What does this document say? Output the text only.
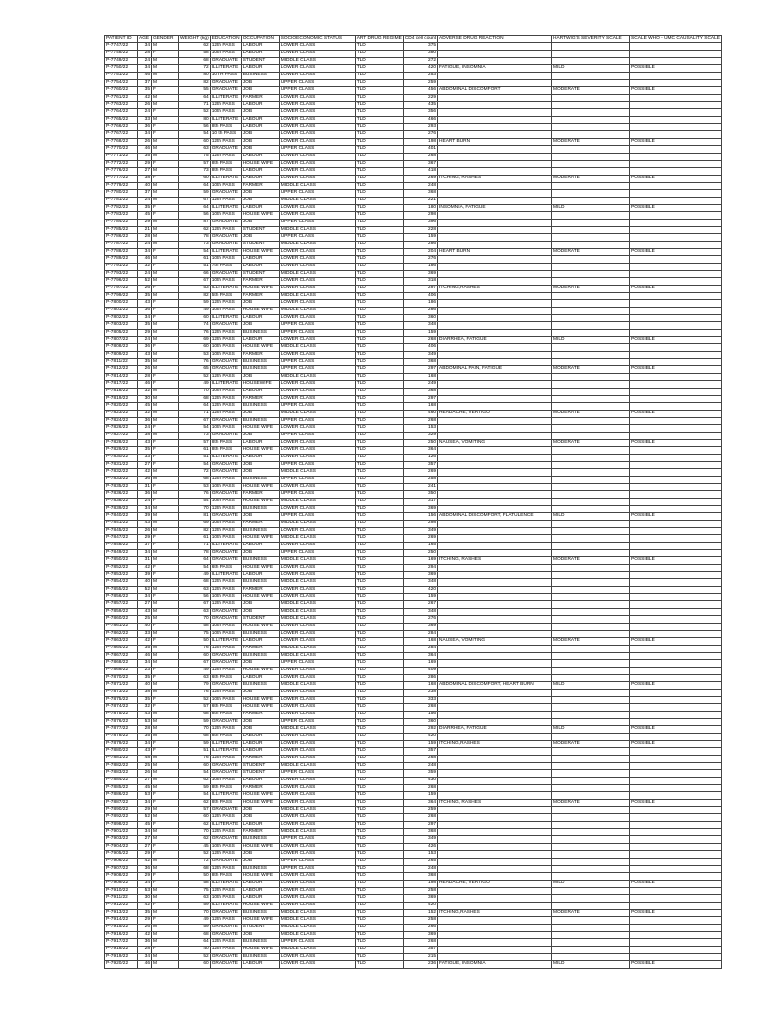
PATIENT ID	AGE	GENDER	WEIGHT (kg)	EDUCATION	OCCUPATION	SOCIOECONOMIC STATUS	ART DRUG REGIME	CD4 cell count	ADVERSE DRUG REACTION	HARTWIG'S SEVERITY SCALE	SCALE WHO - UMC CAUSALITY SCALE
P-7747/22	34	M	62	12th PASS	LABOUR	LOWER CLASS	TLD	375			
P-7748/22	28	F	58	10th PASS	LABOUR	LOWER CLASS	TLD	380			
P-7749/22	24	M	68	GRADUATE	STUDENT	MIDDLE CLASS	TLD	272			
P-7750/22	34	M	72	ILLITERATE	LABOUR	LOWER CLASS	TLD	420	FATIGUE, INSOMNIA	MILD	POSSIBLE
P-7751/22	46	M	80	10TH PASS	BUSINESS	LOWER CLASS	TLD	253			
P-7754/22	37	M	82	GRADUATE	JOB	UPPER CLASS	TLD	259			
P-7760/22	35	F	55	GRADUATE	JOB	UPPER CLASS	TLD	456	ABDOMINAL DISCOMFORT	MODERATE	POSSIBLE
P-7761/22	42	M	64	ILLITERATE	FARMER	LOWER CLASS	TLD	229			
P-7763/22	26	M	71	12th PASS	LABOUR	LOWER CLASS	TLD	435			
P-7764/22	24	F	52	10th PASS	JOB	LOWER CLASS	TLD	356			
P-7765/22	33	M	80	ILLITERATE	LABOUR	LOWER CLASS	TLD	466			
P-7766/22	36	F	56	8th PASS	LABOUR	LOWER CLASS	TLD	293			
P-7767/22	34	F	54	10 th PASS	JOB	LOWER CLASS	TLD	276			
P-7768/22	26	M	60	12th PASS	JOB	LOWER CLASS	TLD	198	HEART BURN	MODERATE	POSSIBLE
P-7770/22	46	M	63	GRADUATE	JOB	UPPER CLASS	TLD	401			
P-7771/22	35	M	75	12th PASS	LABOUR	LOWER CLASS	TLD	268			
P-7772/22	29	F	57	8th PASS	HOUSE WIFE	LOWER CLASS	TLD	367			
P-7776/22	27	M	73	8th PASS	LABOUR	LOWER CLASS	TLD	418			
P-7777/22	38	F	60	ILLITERATE	LABOUR	LOWER CLASS	TLD	269	ITCHING, RASHES	MODERATE	POSSIBLE
P-7779/22	40	M	64	10th PASS	FARMER	MIDDLE CLASS	TLD	248			
P-7780/22	37	M	59	GRADUATE	JOB	UPPER CLASS	TLD	368			
P-7781/22	24	M	67	12th PASS	JOB	MIDDLE CLASS	TLD	221			
P-7782/22	35	F	64	ILLITERATE	LABOUR	LOWER CLASS	TLD	180	INSOMNIA, FATIGUE	MILD	POSSIBLE
P-7783/22	45	F	56	10th PASS	HOUSE WIFE	LOWER CLASS	TLD	298			
P-7784/22	29	M	87	GRADUATE	JOB	UPPER CLASS	TLD	396			
P-7785/22	21	M	62	12th PASS	STUDENT	MIDDLE CLASS	TLD	228			
P-7786/22	28	M	78	GRADUATE	JOB	UPPER CLASS	TLD	159			
P-7787/22	24	M	73	GRADUATE	STUDENT	MIDDLE CLASS	TLD	286			
P-7788/22	34	F	54	ILLITERATE	HOUSE WIFE	LOWER CLASS	TLD	204	HEART BURN	MODERATE	POSSIBLE
P-7789/22	46	M	61	10th PASS	LABOUR	LOWER CLASS	TLD	276			
P-7791/22	32	F	51	7th PASS	LABOUR	LOWER CLASS	TLD	186			
P-7793/22	24	M	66	GRADUATE	STUDENT	MIDDLE CLASS	TLD	369			
P-7796/22	52	M	67	10th PASS	FARMER	LOWER CLASS	TLD	318			
P-7797/22	26	F	53	ILLITERATE	HOUSE WIFE	LOWER CLASS	TLD	297	ITCHING,RASHES	MODERATE	POSSIBLE
P-7799/22	35	M	82	5th PASS	FARMER	MIDDLE CLASS	TLD	406			
P-7800/22	43	F	59	12th PASS	JOB	LOWER CLASS	TLD	186			
P-7801/22	36	F	49	10th PASS	HOUSE WIFE	MIDDLE CLASS	TLD	286			
P-7802/22	34	F	60	ILLITERATE	LABOUR	LOWER CLASS	TLD	360			
P-7803/22	35	M	74	GRADUATE	JOB	UPPER CLASS	TLD	348			
P-7805/22	29	M	76	12th PASS	BUSINESS	UPPER CLASS	TLD	159			
P-7807/22	24	M	69	12th PASS	LABOUR	LOWER CLASS	TLD	268	DIARRHEA, FATIGUE	MILD	POSSIBLE
P-7808/22	36	F	60	10th PASS	HOUSE WIFE	MIDDLE CLASS	TLD	406			
P-7809/22	43	M	53	10th PASS	FARMER	LOWER CLASS	TLD	349			
P-7811/22	35	M	76	GRADUATE	BUSINESS	UPPER CLASS	TLD	368			
P-7812/22	26	M	65	GRADUATE	BUSINESS	UPPER CLASS	TLD	297	ABDOMINAL PAIN, FATIGUE	MODERATE	POSSIBLE
P-7814/22	28	F	52	12th PASS	JOB	MIDDLE CLASS	TLD	168			
P-7817/22	46	F	49	ILLITERATE	HOUSEWIFE	LOWER CLASS	TLD	249			
P-7818/22	32	M	70	10th PASS	LABOUR	LOWER CLASS	TLD	368			
P-7819/22	30	M	68	12th PASS	FARMER	LOWER CLASS	TLD	297			
P-7820/22	45	M	64	12th PASS	BUSINESS	UPPER CLASS	TLD	168			
P-7823/22	32	M	71	12th PASS	JOB	MIDDLE CLASS	TLD	460	HEADACHE, VERTIGO	MODERATE	POSSIBLE
P-7824/22	36	M	67	GRADUATE	BUSINESS	UPPER CLASS	TLD	268			
P-7826/22	24	F	54	10th PASS	HOUSE WIFE	LOWER CLASS	TLD	153			
P-7827/22	38	M	73	GRADUATE	JOB	UPPER CLASS	TLD	329			
P-7828/22	43	F	57	8th PASS	LABOUR	LOWER CLASS	TLD	250	NAUSEA, VOMITING	MODERATE	POSSIBLE
P-7829/22	35	F	61	8th PASS	HOUSE WIFE	LOWER CLASS	TLD	364			
P-7830/22	33	F	51	ILLITERATE	LABOUR	LOWER CLASS	TLD	126			
P-7831/22	27	F	54	GRADUATE	JOB	UPPER CLASS	TLD	357			
P-7832/22	42	M	72	GRADUATE	JOB	MIDDLE CLASS	TLD	269			
P-7833/22	36	M	68	12th PASS	BUSINESS	UPPER CLASS	TLD	258			
P-7835/22	31	F	53	10th PASS	HOUSE WIFE	LOWER CLASS	TLD	241			
P-7836/22	36	M	76	GRADUATE	FARMER	UPPER CLASS	TLD	350			
P-7838/22	24	F	54	10th PASS	HOUSE WIFE	MIDDLE CLASS	TLD	317			
P-7839/22	34	M	70	12th PASS	BUSINESS	LOWER CLASS	TLD	369			
P-7840/22	39	M	81	GRADUATE	JOB	UPPER CLASS	TLD	156	ABDOMINAL DISCOMFORT, FLATULENCE	MILD	POSSIBLE
P-7841/22	43	M	69	10th PASS	FARMER	MIDDLE CLASS	TLD	298			
P-7845/22	26	M	82	12th PASS	BUSINESS	LOWER CLASS	TLD	349			
P-7847/22	29	F	61	10th PASS	HOUSE WIFE	MIDDLE CLASS	TLD	269			
P-7848/22	37	F	71	ILLITERATE	LABOUR	LOWER CLASS	TLD	165			
P-7849/22	34	M	78	GRADUATE	JOB	UPPER CLASS	TLD	250			
P-7850/22	31	M	64	GRADUATE	BUSINESS	MIDDLE CLASS	TLD	169	ITCHING, RASHES	MODERATE	POSSIBLE
P-7852/22	42	F	54	6th PASS	HOUSE WIFE	LOWER CLASS	TLD	294			
P-7853/22	39	F	49	ILLITERATE	LABOUR	LOWER CLASS	TLD	369			
P-7854/22	40	M	68	12th PASS	BUSINESS	MIDDLE CLASS	TLD	348			
P-7855/22	52	M	63	12th PASS	FARMER	LOWER CLASS	TLD	420			
P-7856/22	34	F	56	10th PASS	HOUSE WIFE	LOWER CLASS	TLD	159			
P-7857/22	27	M	67	12th PASS	JOB	MIDDLE CLASS	TLD	267			
P-7859/22	43	M	63	GRADUATE	JOB	MIDDLE CLASS	TLD	348			
P-7860/22	25	M	70	GRADUATE	STUDENT	MIDDLE CLASS	TLD	276			
P-7861/22	40	F	58	10th PASS	HOUSE WIFE	LOWER CLASS	TLD	369			
P-7862/22	33	M	75	10th PASS	BUSINESS	LOWER CLASS	TLD	284			
P-7863/22	42	F	50	ILLITERATE	LABOUR	LOWER CLASS	TLD	168	NAUSEA, VOMITING	MODERATE	POSSIBLE
P-7864/22	35	M	76	12th PASS	FARMER	MIDDLE CLASS	TLD	284			
P-7867/22	46	M	60	GRADUATE	BUSINESS	MIDDLE CLASS	TLD	364			
P-7868/22	34	M	67	GRADUATE	JOB	UPPER CLASS	TLD	169			
P-7869/22	23	F	49	12th PASS	HOUSE WIFE	LOWER CLASS	TLD	409			
P-7870/22	35	F	63	6th PASS	LABOUR	LOWER CLASS	TLD	286			
P-7871/22	40	M	79	GRADUATE	BUSINESS	MIDDLE CLASS	TLD	168	ABDOMINAL DISCOMFORT, HEART BURN	MILD	POSSIBLE
P-7873/22	38	M	76	12th PASS	JOB	LOWER CLASS	TLD	238			
P-7875/22	35	F	52	10th PASS	HOUSE WIFE	LOWER CLASS	TLD	333			
P-7874/22	32	F	57	6th PASS	HOUSE WIFE	LOWER CLASS	TLD	268			
P-7875/22	43	M	68	8th PASS	FARMER	LOWER CLASS	TLD	156			
P-7876/22	53	M	59	GRADUATE	JOB	UPPER CLASS	TLD	360			
P-7877/22	28	M	70	12th PASS	JOB	MIDDLE CLASS	TLD	292	DIARRHEA, FATIGUE	MILD	POSSIBLE
P-7878/22	35	M	68	8th PASS	LABOUR	LOWER CLASS	TLD	420			
P-7879/22	34	F	59	ILLITERATE	LABOUR	LOWER CLASS	TLD	159	ITCHING,RASHES	MODERATE	POSSIBLE
P-7880/22	43	F	51	ILLITERATE	LABOUR	LOWER CLASS	TLD	357			
P-7881/22	48	M	76	12th PASS	FARMER	LOWER CLASS	TLD	268			
P-7882/22	25	M	60	GRADUATE	STUDENT	MIDDLE CLASS	TLD	248			
P-7883/22	26	M	54	GRADUATE	STUDENT	UPPER CLASS	TLD	359			
P-7884/22	27	M	62	10th PASS	LABOUR	LOWER CLASS	TLD	430			
P-7885/22	45	M	59	8th PASS	FARMER	LOWER CLASS	TLD	268			
P-7886/22	53	F	54	ILLITERATE	HOUSE WIFE	LOWER CLASS	TLD	159			
P-7887/22	34	F	62	8th PASS	HOUSE WIFE	LOWER CLASS	TLD	364	ITCHING, RASHES	MODERATE	POSSIBLE
P-7890/22	29	M	57	GRADUATE	JOB	MIDDLE CLASS	TLD	259			
P-7892/22	52	M	60	12th PASS	JOB	LOWER CLASS	TLD	268			
P-7898/22	45	F	62	ILLITERATE	LABOUR	LOWER CLASS	TLD	297			
P-7901/22	34	M	70	12th PASS	FARMER	MIDDLE CLASS	TLD	368			
P-7903/22	27	M	62	GRADUATE	BUSINESS	UPPER CLASS	TLD	349			
P-7904/22	27	F	45	10th PASS	HOUSE WIFE	LOWER CLASS	TLD	426			
P-7905/22	29	F	52	12th PASS	JOB	LOWER CLASS	TLD	153			
P-7906/22	42	M	72	GRADUATE	JOB	UPPER CLASS	TLD	265			
P-7907/22	36	M	68	12th PASS	BUSINESS	UPPER CLASS	TLD	248			
P-7908/22	29	F	50	8th PASS	HOUSE WIFE	LOWER CLASS	TLD	368			
P-7909/22	34	F	58	ILLITERATE	LABOUR	LOWER CLASS	TLD	198	HEADACHE, VERTIGO	MILD	POSSIBLE
P-7910/22	53	M	75	12th PASS	LABOUR	LOWER CLASS	TLD	258			
P-7911/22	30	M	63	10th PASS	LABOUR	LOWER CLASS	TLD	369			
P-7912/22	42	F	59	ILLITERATE	HOUSE WIFE	LOWER CLASS	TLD	420			
P-7913/22	35	M	70	GRADUATE	BUSINESS	MIDDLE CLASS	TLD	152	ITCHING,RASHES	MODERATE	POSSIBLE
P-7914/22	29	F	49	12th PASS	HOUSE WIFE	MIDDLE CLASS	TLD	258			
P-7915/22	26	M	59	GRADUATE	STUDENT	MIDDLE CLASS	TLD	266			
P-7916/22	42	M	68	GRADUATE	JOB	MIDDLE CLASS	TLD	369			
P-7917/22	36	M	64	12th PASS	BUSINESS	UPPER CLASS	TLD	268			
P-7918/22	28	F	40	12th PASS	HOUSE WIFE	MIDDLE CLASS	TLD	357			
P-7919/22	34	M	52	GRADUATE	BUSINESS	LOWER CLASS	TLD	215			
P-7920/22	46	M	60	GRADUATE	LABOUR	LOWER CLASS	TLD	236	FATIGUE, INSOMNIA	MILD	POSSIBLE
